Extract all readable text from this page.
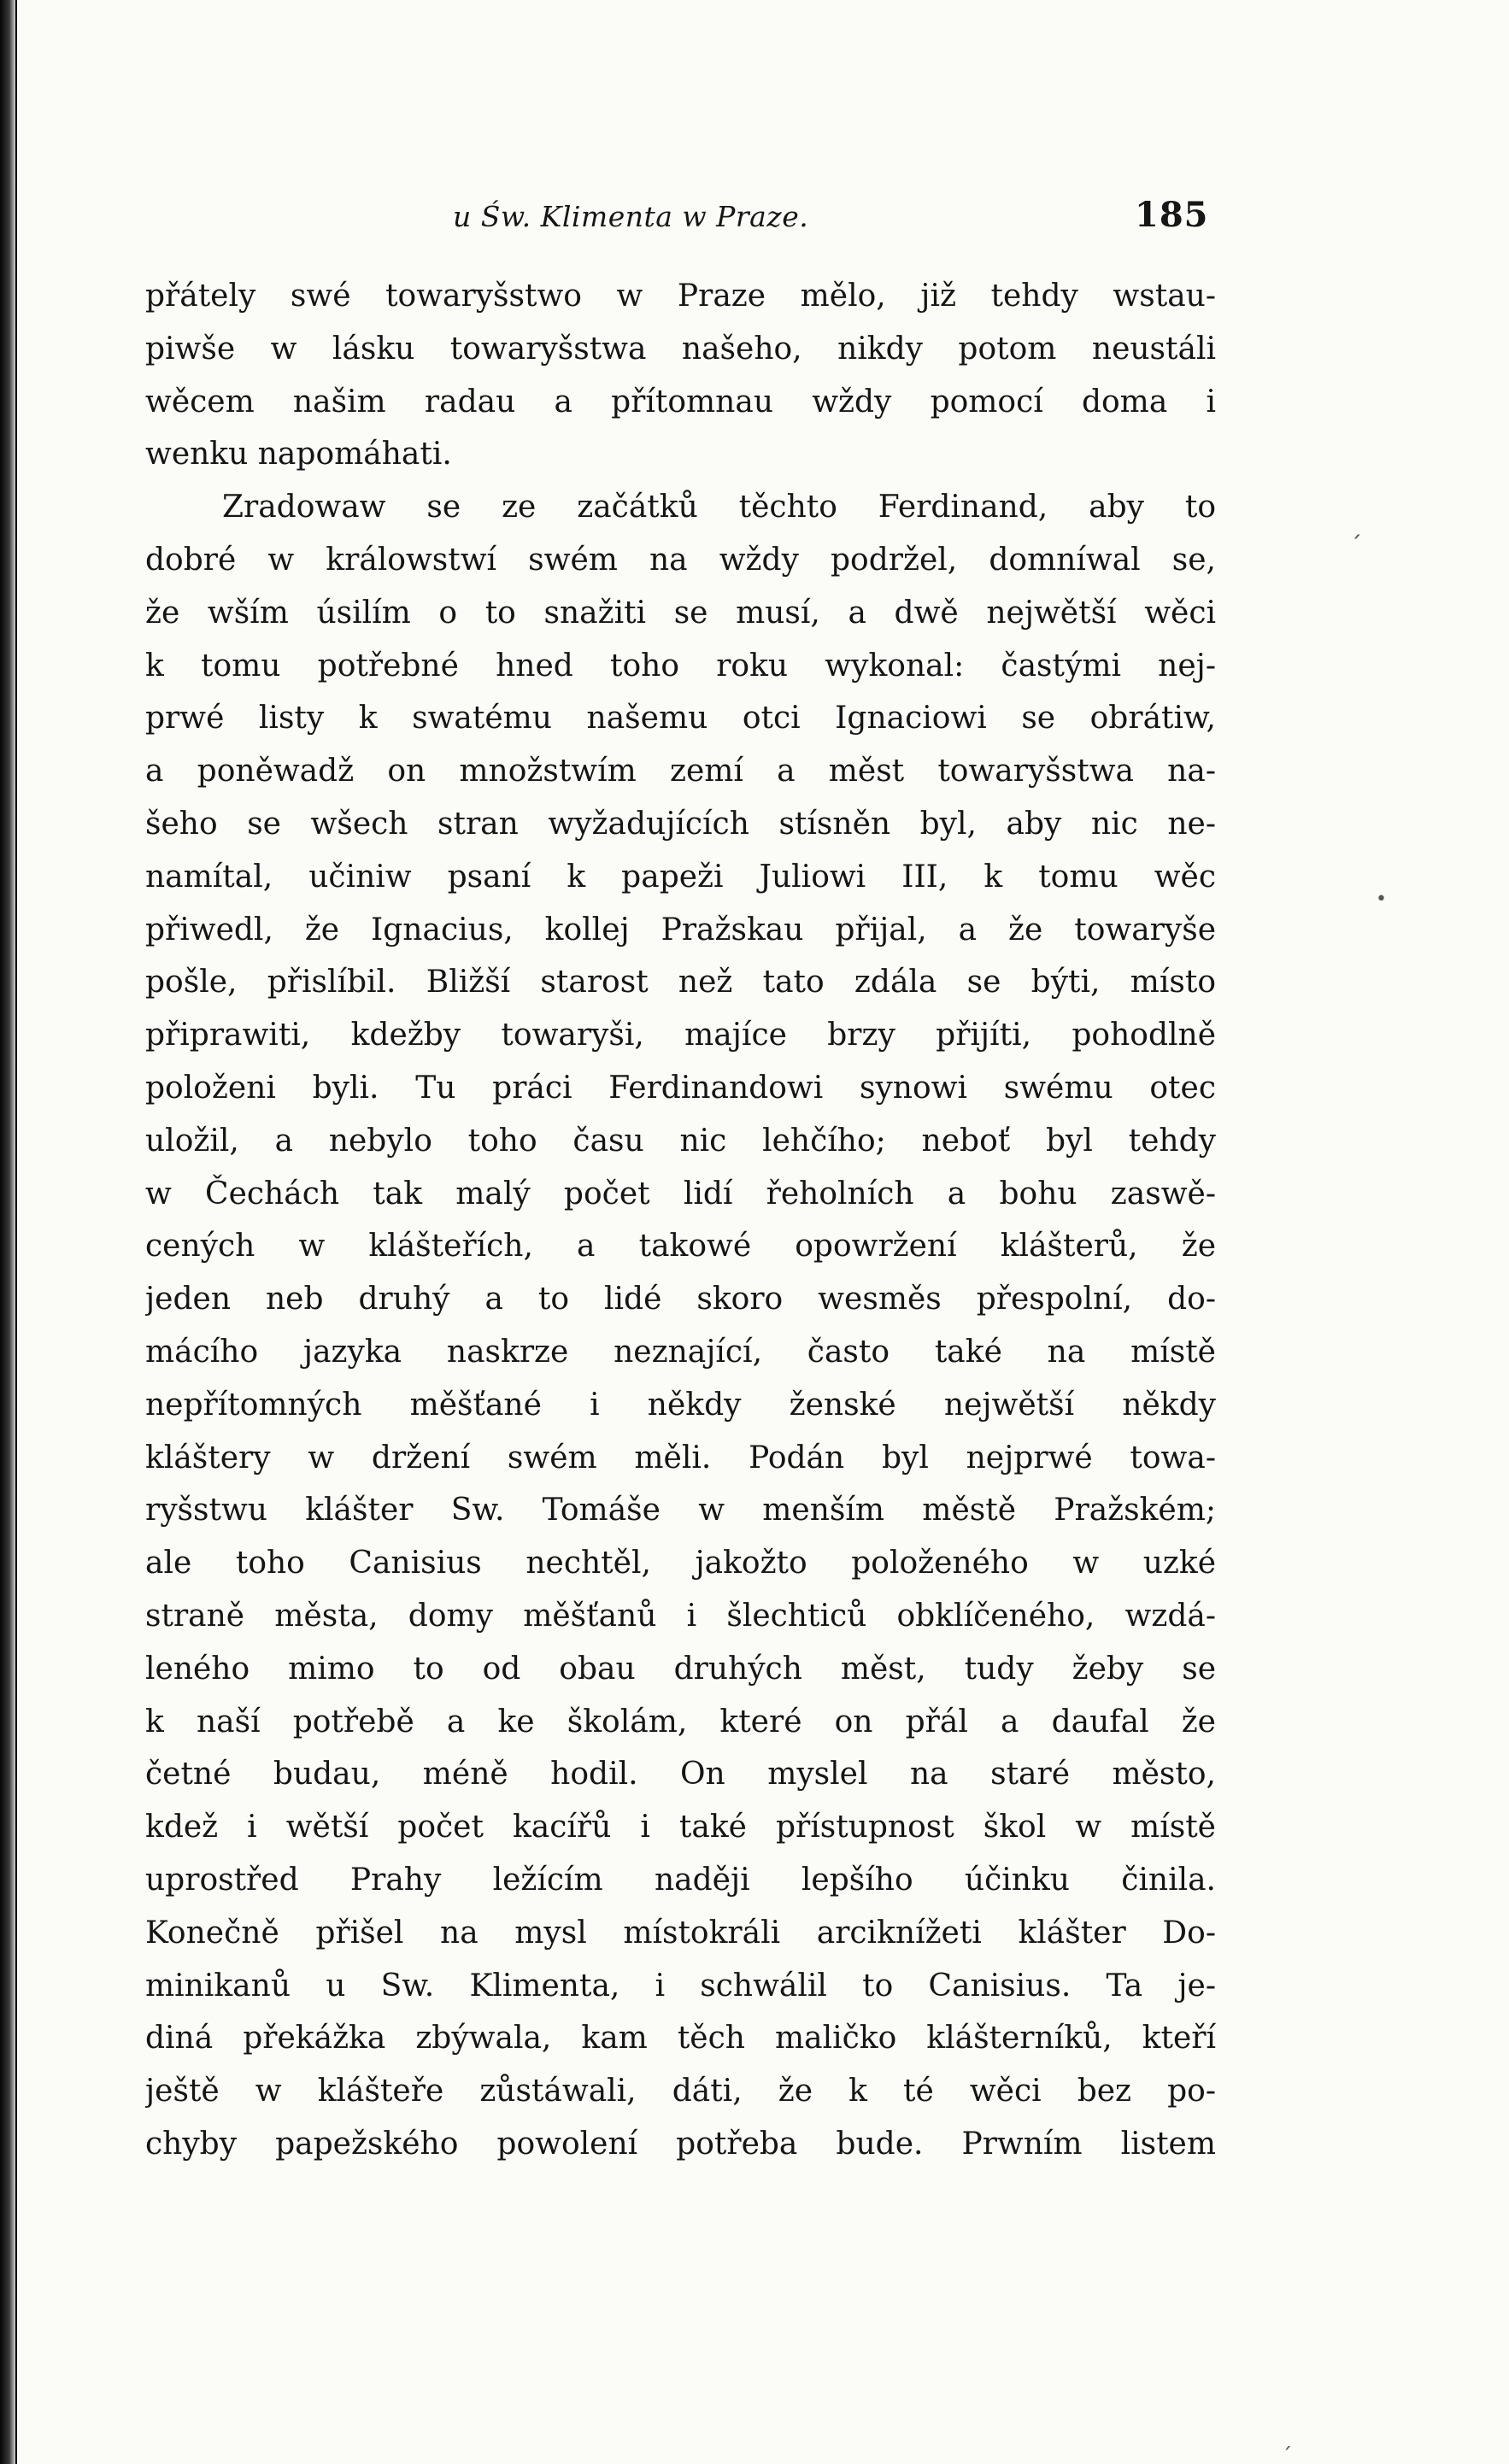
u Św. Klimenta w Praze.	185
přátely swé towaryšstwo w Praze mělo, již tehdy wstau-
piwše w lásku towaryšstwa našeho, nikdy potom neustáli
wěcem našim radau a přítomnau wždy pomocí doma i
wenku napomáhati.
Zradowaw se ze začátků těchto Ferdinand, aby to
dobré w králowstwí swém na wždy podržel, domníwal se,
že wším úsilím o to snažiti se musí, a dwě nejwětší wěci
k tomu potřebné hned toho roku wykonal: častými nej-
prwé listy k swatému našemu otci Ignaciowi se obrátiw,
a poněwadž on množstwím zemí a měst towaryšstwa na-
šeho se wšech stran wyžadujících stísněn byl, aby nic ne-
namítal, učiniw psaní k papeži Juliowi III, k tomu wěc
přiwedl, že Ignacius, kollej Pražskau přijal, a že towaryše
pošle, přislíbil. Bližší starost než tato zdála se býti, místo
připrawiti, kdežby towaryši, majíce brzy přijíti, pohodlně
položeni byli. Tu práci Ferdinandowi synowi swému otec
uložil, a nebylo toho času nic lehčího; neboť byl tehdy
w Čechách tak malý počet lidí řeholních a bohu zaswě-
cených w klášteřích, a takowé opowržení klášterů, že
jeden neb druhý a to lidé skoro wesměs přespolní, do-
mácího jazyka naskrze neznající, často také na místě
nepřítomných měšťané i někdy ženské nejwětší někdy
kláštery w držení swém měli. Podán byl nejprwé towa-
ryšstwu klášter Sw. Tomáše w menším městě Pražském;
ale toho Canisius nechtěl, jakožto položeného w uzké
straně města, domy měšťanů i šlechticů obklíčeného, wzdá-
leného mimo to od obau druhých měst, tudy žeby se
k naší potřebě a ke školám, které on přál a daufal že
četné budau, méně hodil. On myslel na staré město,
kdež i wětší počet kacířů i také přístupnost škol w místě
uprostřed Prahy ležícím naději lepšího účinku činila.
Konečně přišel na mysl místokráli arciknížeti klášter Do-
minikanů u Sw. Klimenta, i schwálil to Canisius. Ta je-
diná překážka zbýwala, kam těch maličko klášterníků, kteří
ještě w klášteře zůstáwali, dáti, že k té wěci bez po-
chyby papežského powolení potřeba bude. Prwním listem
ˏ
•
ˏ
